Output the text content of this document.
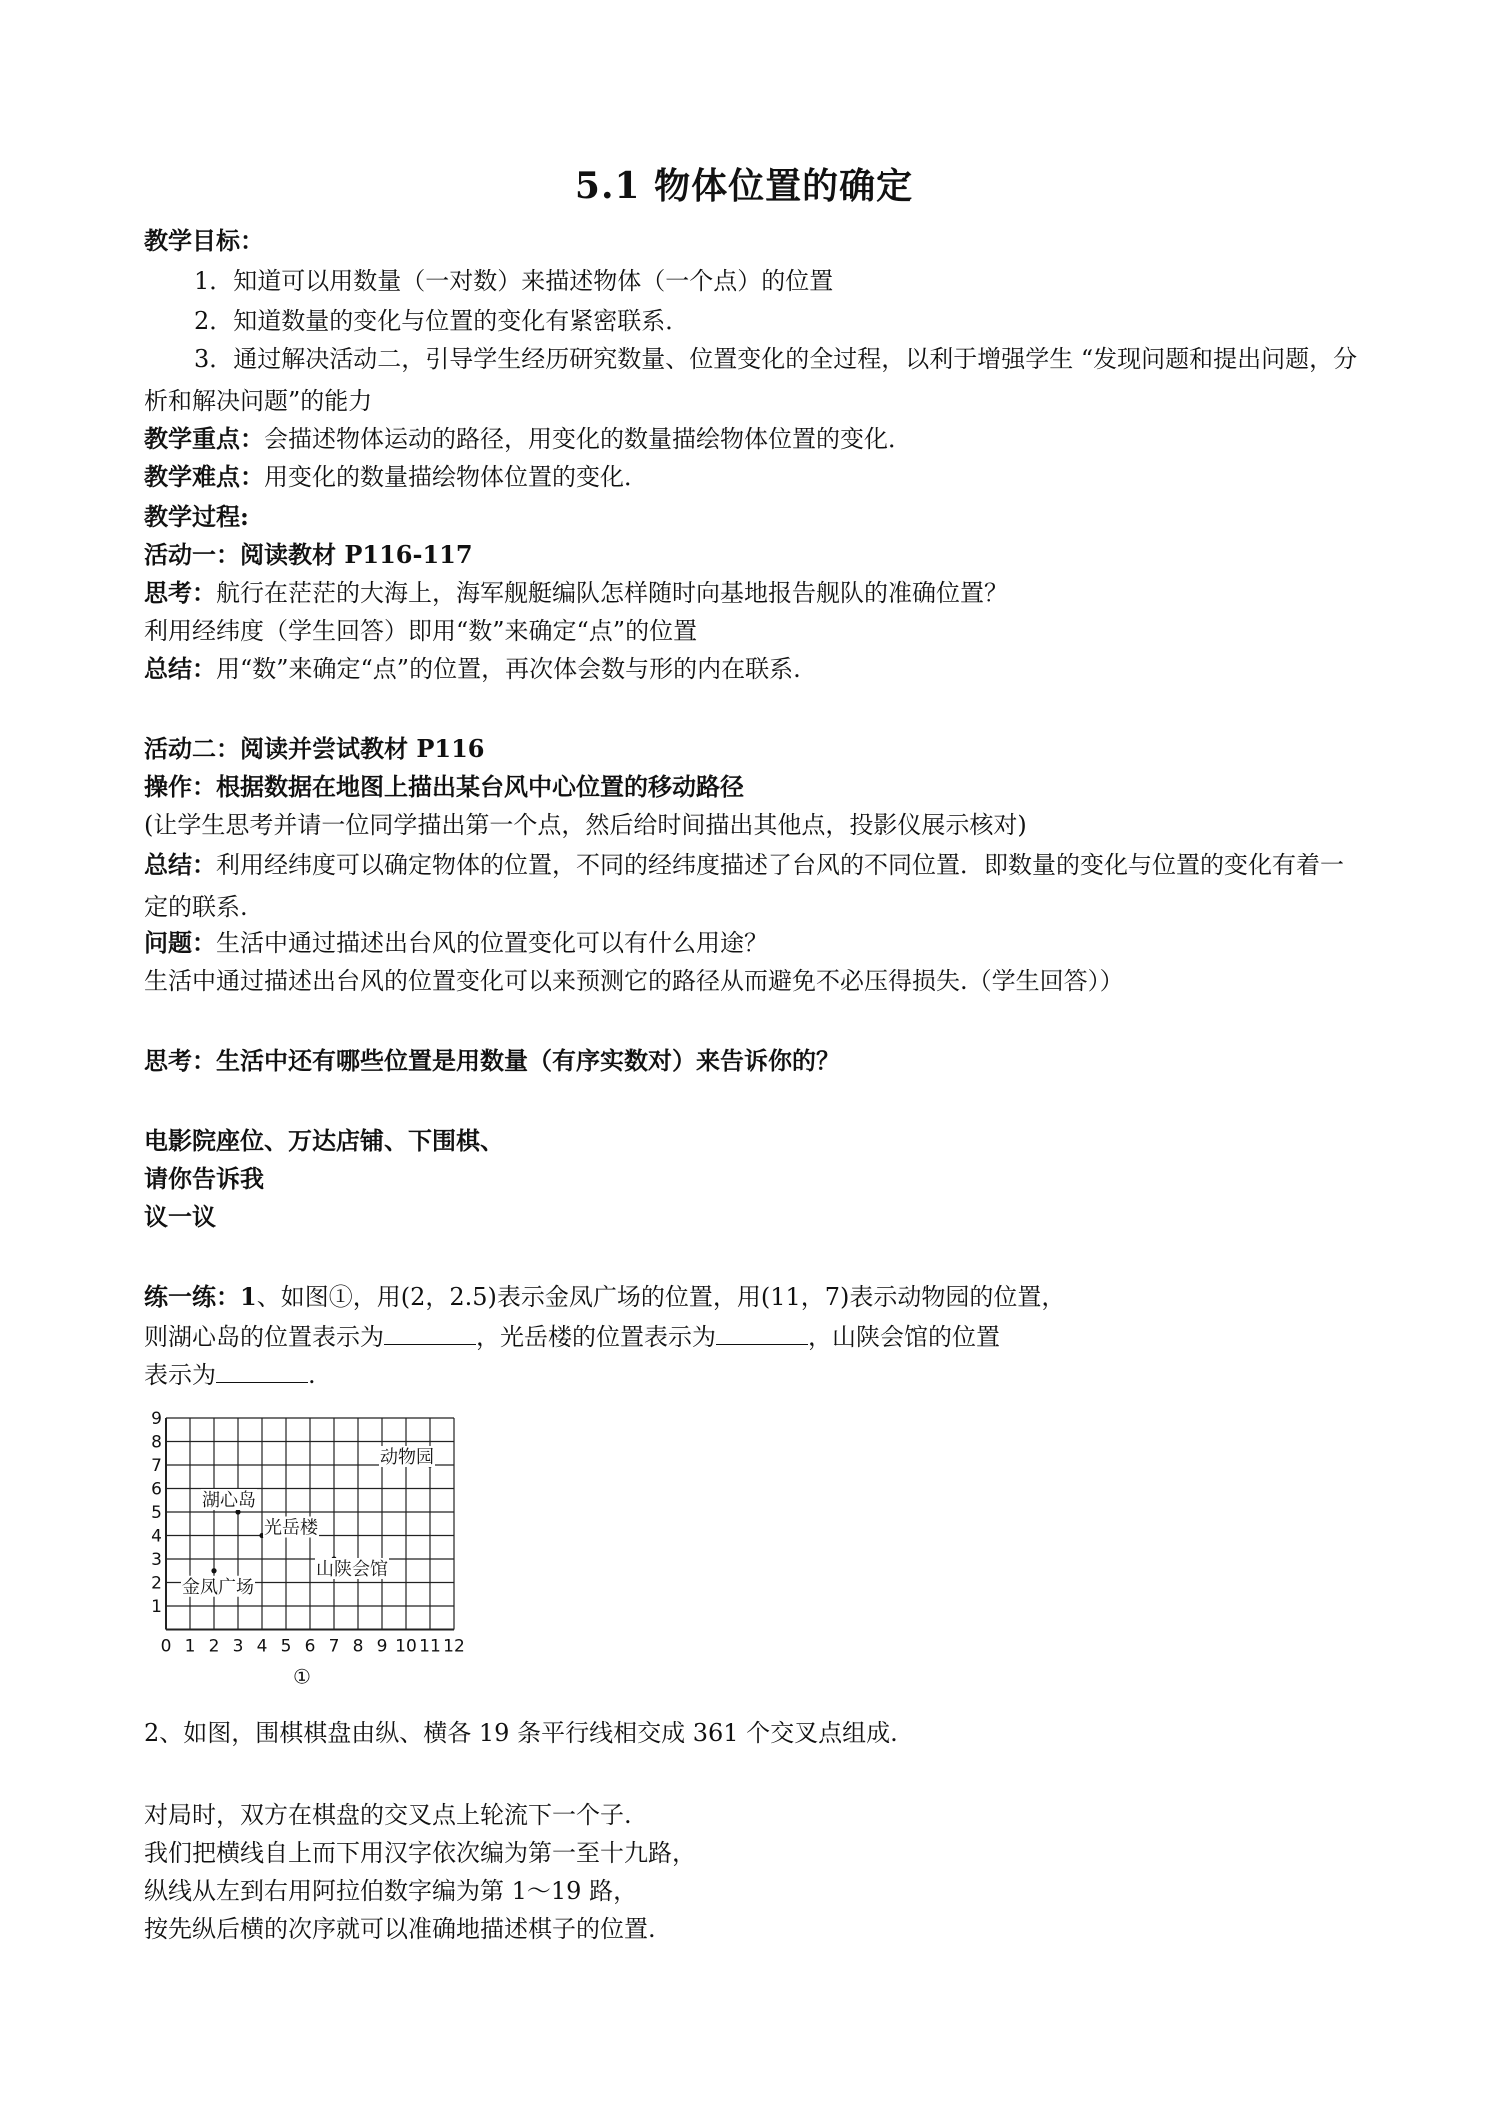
5.1 物体位置的确定
教学目标：
1．知道可以用数量（一对数）来描述物体（一个点）的位置
2．知道数量的变化与位置的变化有紧密联系．
3．通过解决活动二，引导学生经历研究数量、位置变化的全过程，以利于增强学生 “发现问题和提出问题，分析和解决问题”的能力
教学重点：会描述物体运动的路径，用变化的数量描绘物体位置的变化．
教学难点：用变化的数量描绘物体位置的变化．
教学过程:
活动一：阅读教材 P116-117
思考：航行在茫茫的大海上，海军舰艇编队怎样随时向基地报告舰队的准确位置？
利用经纬度（学生回答）即用“数”来确定“点”的位置
总结：用“数”来确定“点”的位置，再次体会数与形的内在联系.
活动二：阅读并尝试教材 P116
操作：根据数据在地图上描出某台风中心位置的移动路径
(让学生思考并请一位同学描出第一个点，然后给时间描出其他点，投影仪展示核对)
总结：利用经纬度可以确定物体的位置，不同的经纬度描述了台风的不同位置．即数量的变化与位置的变化有着一定的联系.
问题：生活中通过描述出台风的位置变化可以有什么用途？
生活中通过描述出台风的位置变化可以来预测它的路径从而避免不必压得损失.（学生回答））
思考：生活中还有哪些位置是用数量（有序实数对）来告诉你的？
电影院座位、万达店铺、下围棋、
请你告诉我
议一议
练一练：1、如图①，用(2，2.5)表示金凤广场的位置，用(11，7)表示动物园的位置，
则湖心岛的位置表示为	，光岳楼的位置表示为	，山陕会馆的位置
表示为	.
0 1 2 3 4 5 6 7 8 9 10 11 12
1
2
3
4
5
6
7
8
9
金凤广场
动物园
湖心岛
光岳楼
山陕会馆
①
2、如图，围棋棋盘由纵、横各 19 条平行线相交成 361 个交叉点组成.
对局时，双方在棋盘的交叉点上轮流下一个子.
我们把横线自上而下用汉字依次编为第一至十九路，
纵线从左到右用阿拉伯数字编为第 1～19 路，
按先纵后横的次序就可以准确地描述棋子的位置.
